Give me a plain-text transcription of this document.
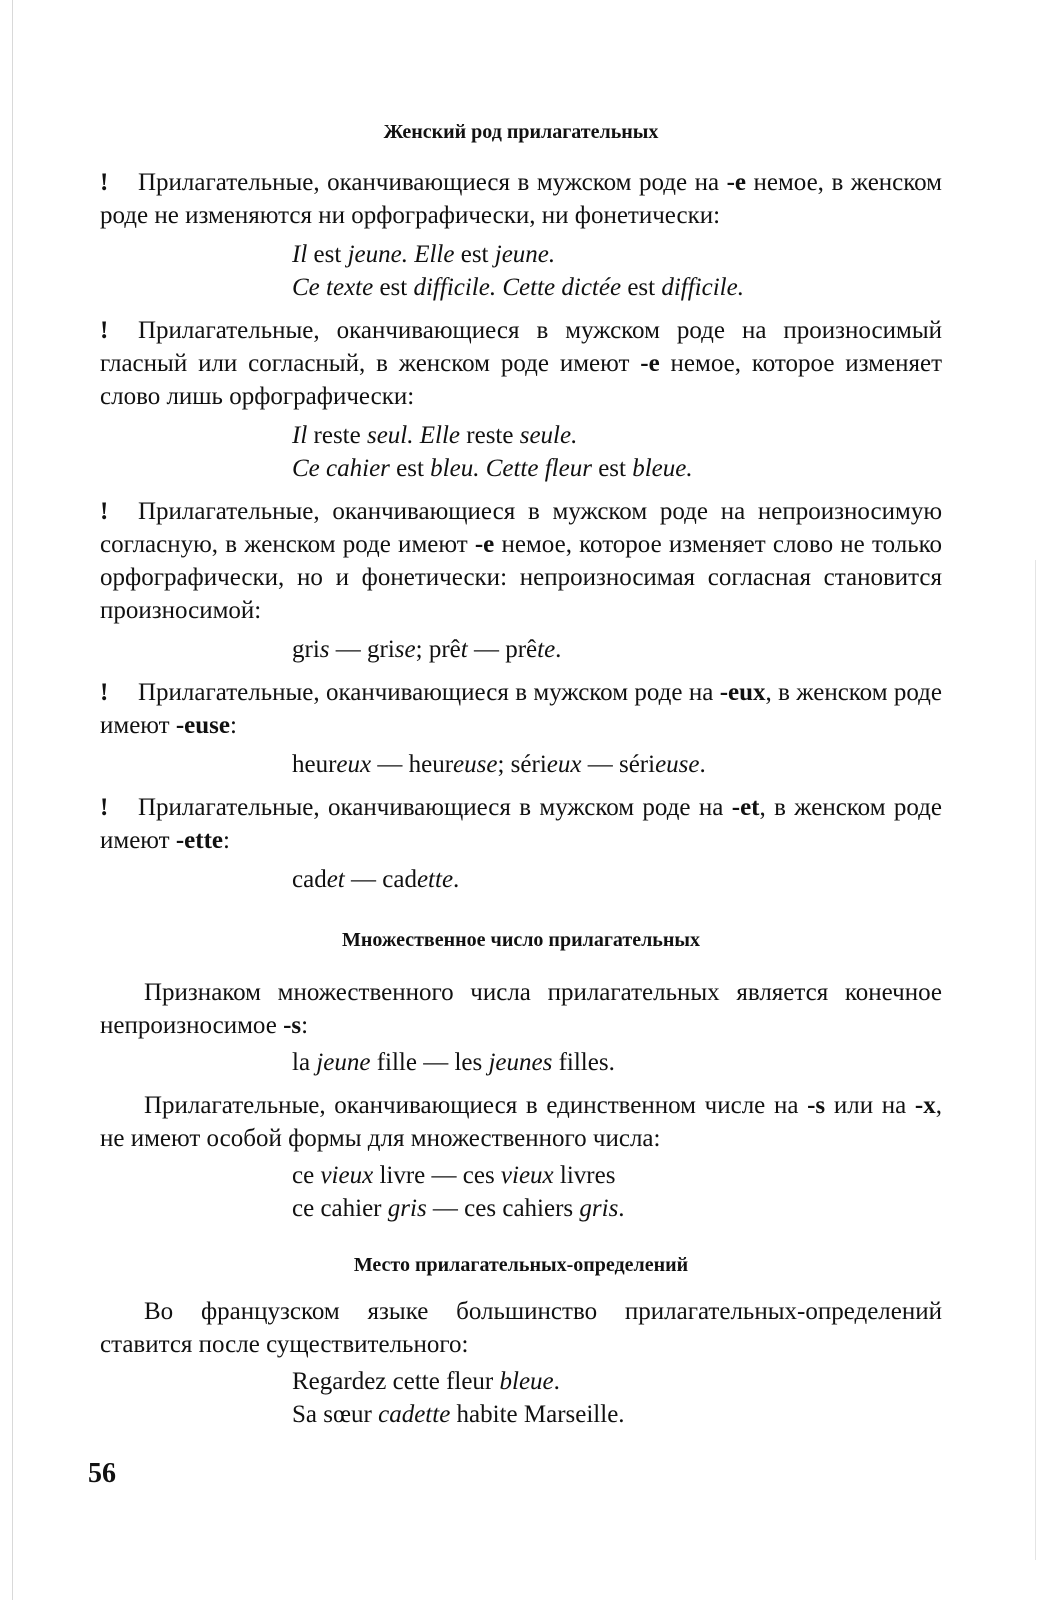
Женский род прилагательных

! Прилагательные, оканчивающиеся в мужском роде на -е немое, в женском роде не изменяются ни орфографически, ни фонетически:

Il est jeune. Elle est jeune.
Ce texte est difficile. Cette dictée est difficile.

! Прилагательные, оканчивающиеся в мужском роде на произносимый гласный или согласный, в женском роде имеют -е немое, которое изменяет слово лишь орфографически:

Il reste seul. Elle reste seule.
Ce cahier est bleu. Cette fleur est bleue.

! Прилагательные, оканчивающиеся в мужском роде на непроизносимую согласную, в женском роде имеют -е немое, которое изменяет слово не только орфографически, но и фонетически: непроизносимая согласная становится произносимой:

gris — grise; prêt — prête.

! Прилагательные, оканчивающиеся в мужском роде на -eux, в женском роде имеют -euse:

heureux — heureuse; sérieux — sérieuse.

! Прилагательные, оканчивающиеся в мужском роде на -et, в женском роде имеют -ette:

cadet — cadette.

Множественное число прилагательных

Признаком множественного числа прилагательных является конечное непроизносимое -s:

la jeune fille — les jeunes filles.

Прилагательные, оканчивающиеся в единственном числе на -s или на -x, не имеют особой формы для множественного числа:

ce vieux livre — ces vieux livres
ce cahier gris — ces cahiers gris.

Место прилагательных-определений

Во французском языке большинство прилагательных-определений ставится после существительного:

Regardez cette fleur bleue.
Sa sœur cadette habite Marseille.
56
